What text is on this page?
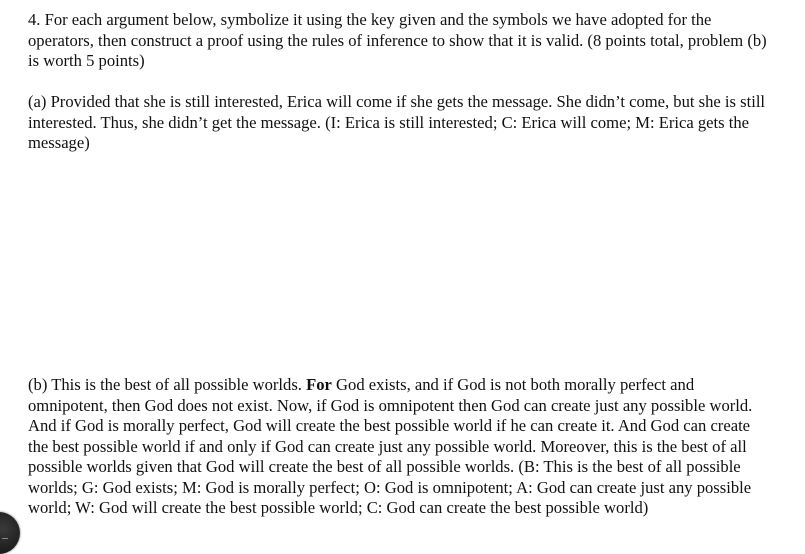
4. For each argument below, symbolize it using the key given and the symbols we have adopted for the operators, then construct a proof using the rules of inference to show that it is valid. (8 points total, problem (b) is worth 5 points)

(a) Provided that she is still interested, Erica will come if she gets the message. She didn’t come, but she is still interested. Thus, she didn’t get the message. (I: Erica is still interested; C: Erica will come; M: Erica gets the message)

(b) This is the best of all possible worlds. For God exists, and if God is not both morally perfect and omnipotent, then God does not exist. Now, if God is omnipotent then God can create just any possible world. And if God is morally perfect, God will create the best possible world if he can create it. And God can create the best possible world if and only if God can create just any possible world. Moreover, this is the best of all possible worlds given that God will create the best of all possible worlds. (B: This is the best of all possible worlds; G: God exists; M: God is morally perfect; O: God is omnipotent; A: God can create just any possible world; W: God will create the best possible world; C: God can create the best possible world)
